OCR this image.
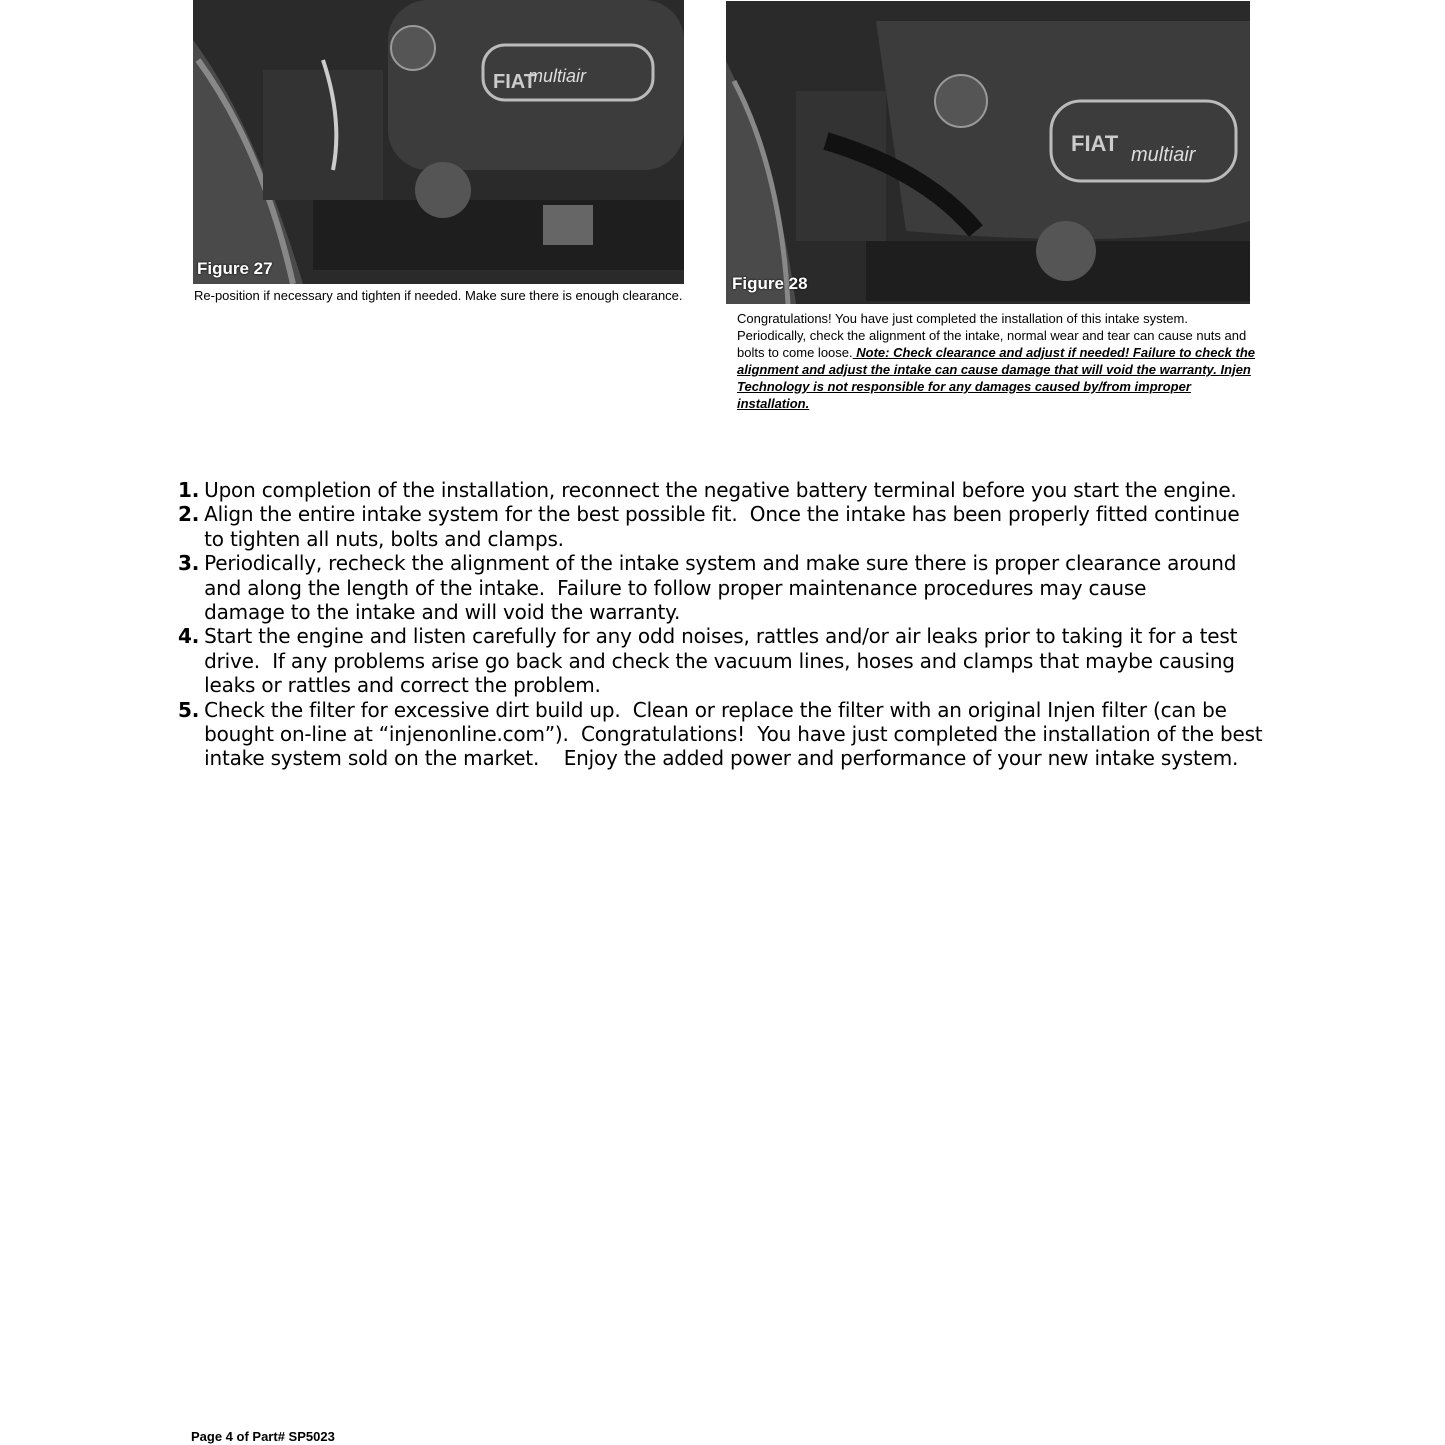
multiair
FIAT
Figure 27
Re-position if necessary and tighten if needed. Make sure there is enough clearance.
multiair
FIAT
Figure 28
Congratulations! You have just completed the installation of this intake system. Periodically, check the alignment of the intake, normal wear and tear can cause nuts and bolts to come loose. Note: Check clearance and adjust if needed! Failure to check the alignment and adjust the intake can cause damage that will void the warranty. Injen Technology is not responsible for any damages caused by/from improper installation.
1. Upon completion of the installation, reconnect the negative battery terminal before you start the engine.
2. Align the entire intake system for the best possible fit.  Once the intake has been properly fitted continue
to tighten all nuts, bolts and clamps.
3. Periodically, recheck the alignment of the intake system and make sure there is proper clearance around
and along the length of the intake.  Failure to follow proper maintenance procedures may cause
damage to the intake and will void the warranty.
4. Start the engine and listen carefully for any odd noises, rattles and/or air leaks prior to taking it for a test
drive.  If any problems arise go back and check the vacuum lines, hoses and clamps that maybe causing
leaks or rattles and correct the problem.
5. Check the filter for excessive dirt build up.  Clean or replace the filter with an original Injen filter (can be
bought on-line at “injenonline.com”).  Congratulations!  You have just completed the installation of the best
intake system sold on the market.    Enjoy the added power and performance of your new intake system.
Page 4 of Part# SP5023
